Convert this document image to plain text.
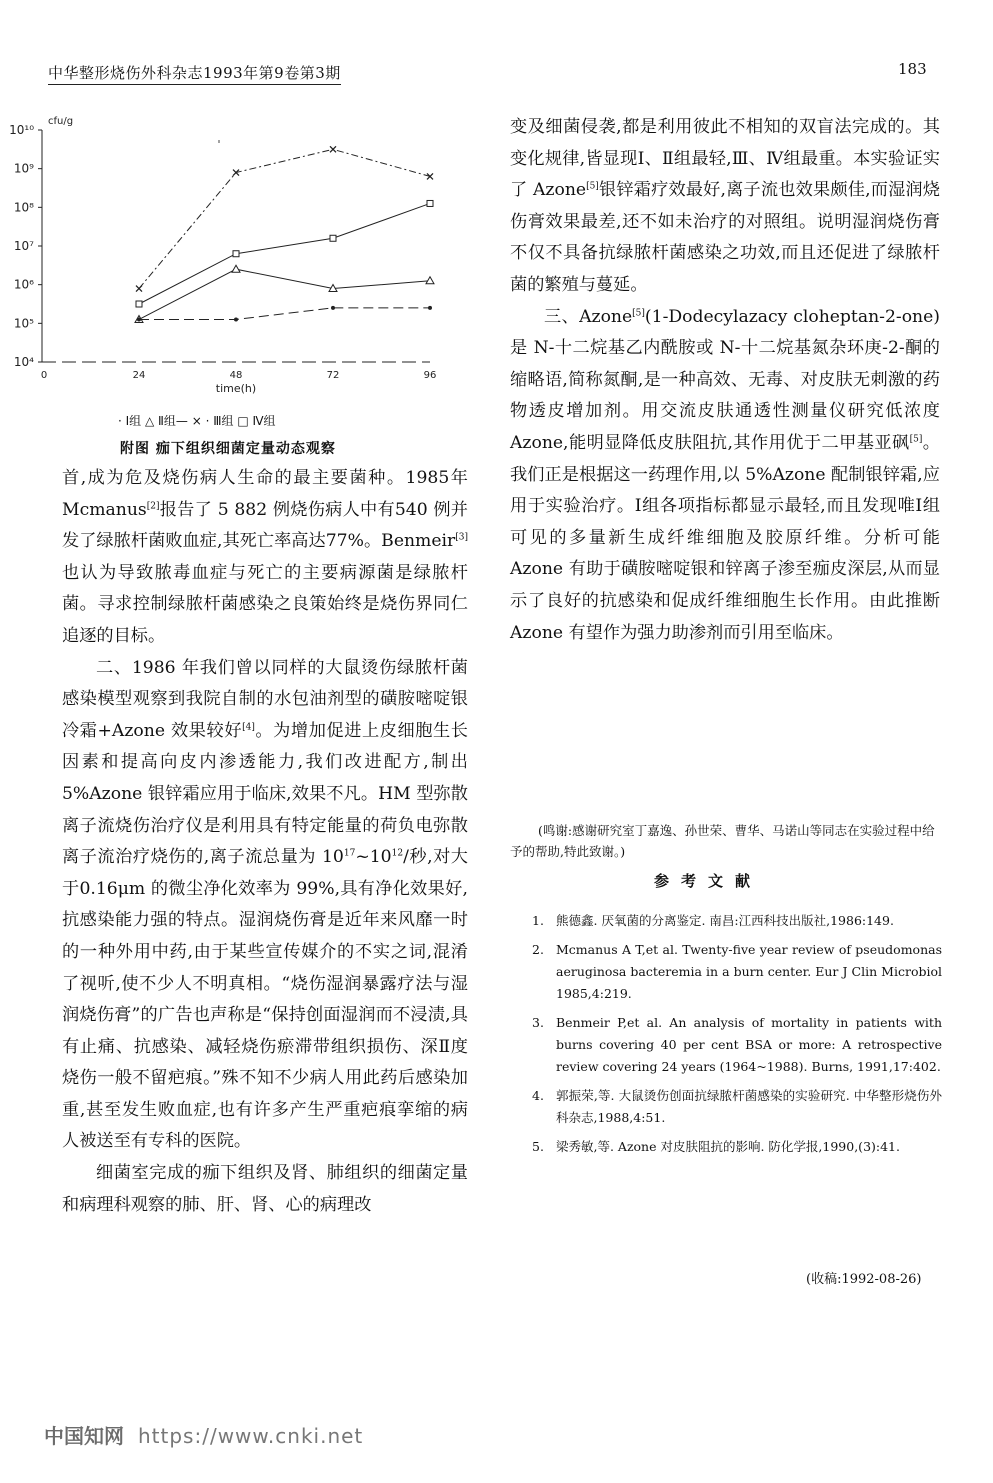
中华整形烧伤外科杂志1993年第9卷第3期	183
10⁴
10⁵
10⁶
10⁷
10⁸
10⁹
10¹⁰
cfu/g
0	24	48	72	96
time(h)
· Ⅰ组 △ Ⅱ组— × · Ⅲ组 □ Ⅳ组
附图 痂下组织细菌定量动态观察

首,成为危及烧伤病人生命的最主要菌种。1985年 Mcmanus[2]报告了 5 882 例烧伤病人中有540 例并发了绿脓杆菌败血症,其死亡率高达77%。Benmeir[3]也认为导致脓毒血症与死亡的主要病源菌是绿脓杆菌。寻求控制绿脓杆菌感染之良策始终是烧伤界同仁追逐的目标。

二、1986 年我们曾以同样的大鼠烫伤绿脓杆菌感染模型观察到我院自制的水包油剂型的磺胺嘧啶银冷霜+Azone 效果较好[4]。为增加促进上皮细胞生长因素和提高向皮内渗透能力,我们改进配方,制出 5%Azone 银锌霜应用于临床,效果不凡。HM 型弥散离子流烧伤治疗仪是利用具有特定能量的荷负电弥散离子流治疗烧伤的,离子流总量为 $10^{17}\sim 10^{12}/$秒,对大于0.16μm 的微尘净化效率为 99%,具有净化效果好,抗感染能力强的特点。湿润烧伤膏是近年来风靡一时的一种外用中药,由于某些宣传媒介的不实之词,混淆了视听,使不少人不明真相。“烧伤湿润暴露疗法与湿润烧伤膏”的广告也声称是“保持创面湿润而不浸渍,具有止痛、抗感染、减轻烧伤瘀滞带组织损伤、深Ⅱ度烧伤一般不留疤痕。”殊不知不少病人用此药后感染加重,甚至发生败血症,也有许多产生严重疤痕挛缩的病人被送至有专科的医院。

细菌室完成的痂下组织及肾、肺组织的细菌定量和病理科观察的肺、肝、肾、心的病理改

变及细菌侵袭,都是利用彼此不相知的双盲法完成的。其变化规律,皆显现Ⅰ、Ⅱ组最轻,Ⅲ、Ⅳ组最重。本实验证实了 Azone[5]银锌霜疗效最好,离子流也效果颇佳,而湿润烧伤膏效果最差,还不如未治疗的对照组。说明湿润烧伤膏不仅不具备抗绿脓杆菌感染之功效,而且还促进了绿脓杆菌的繁殖与蔓延。

三、Azone[5](1-Dodecylazacy cloheptan-2-one)是 N-十二烷基乙内酰胺或 N-十二烷基氮杂环庚-2-酮的缩略语,简称氮酮,是一种高效、无毒、对皮肤无刺激的药物透皮增加剂。用交流皮肤通透性测量仪研究低浓度 Azone,能明显降低皮肤阻抗,其作用优于二甲基亚砜[5]。我们正是根据这一药理作用,以 5%Azone 配制银锌霜,应用于实验治疗。Ⅰ组各项指标都显示最轻,而且发现唯Ⅰ组可见的多量新生成纤维细胞及胶原纤维。分析可能 Azone 有助于磺胺嘧啶银和锌离子渗至痂皮深层,从而显示了良好的抗感染和促成纤维细胞生长作用。由此推断 Azone 有望作为强力助渗剂而引用至临床。

(鸣谢:感谢研究室丁嘉逸、孙世荣、曹华、马诺山等同志在实验过程中给予的帮助,特此致谢。)
参考文献
1. 熊德鑫. 厌氧菌的分离鉴定. 南昌:江西科技出版社,1986:149.
2. Mcmanus A T,et al. Twenty-five year review of pseudomonas aeruginosa bacteremia in a burn center. Eur J Clin Microbiol 1985,4:219.
3. Benmeir P,et al. An analysis of mortality in patients with burns covering 40 per cent BSA or more: A retrospective review covering 24 years (1964~1988). Burns, 1991,17:402.
4. 郭振荣,等. 大鼠烫伤创面抗绿脓杆菌感染的实验研究. 中华整形烧伤外科杂志,1988,4:51.
5. 梁秀敏,等. Azone 对皮肤阻抗的影响. 防化学报,1990,(3):41.
(收稿:1992-08-26)
中国知网 https://www.cnki.net
